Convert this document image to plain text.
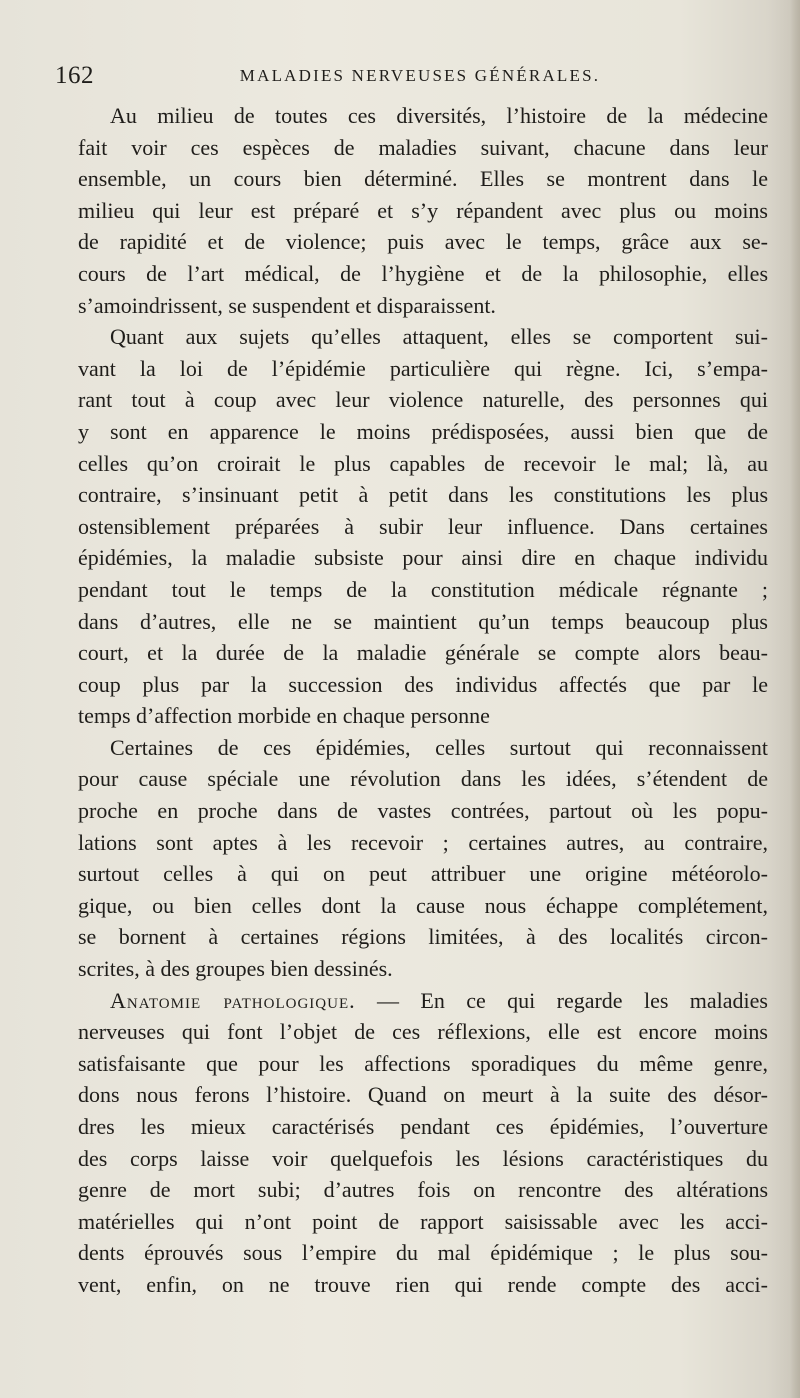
162	MALADIES NERVEUSES GÉNÉRALES.
Au milieu de toutes ces diversités, l’histoire de la médecine
fait voir ces espèces de maladies suivant, chacune dans leur
ensemble, un cours bien déterminé. Elles se montrent dans le
milieu qui leur est préparé et s’y répandent avec plus ou moins
de rapidité et de violence; puis avec le temps, grâce aux se-
cours de l’art médical, de l’hygiène et de la philosophie, elles
s’amoindrissent, se suspendent et disparaissent.
Quant aux sujets qu’elles attaquent, elles se comportent sui-
vant la loi de l’épidémie particulière qui règne. Ici, s’empa-
rant tout à coup avec leur violence naturelle, des personnes qui
y sont en apparence le moins prédisposées, aussi bien que de
celles qu’on croirait le plus capables de recevoir le mal; là, au
contraire, s’insinuant petit à petit dans les constitutions les plus
ostensiblement préparées à subir leur influence. Dans certaines
épidémies, la maladie subsiste pour ainsi dire en chaque individu
pendant tout le temps de la constitution médicale régnante ;
dans d’autres, elle ne se maintient qu’un temps beaucoup plus
court, et la durée de la maladie générale se compte alors beau-
coup plus par la succession des individus affectés que par le
temps d’affection morbide en chaque personne
Certaines de ces épidémies, celles surtout qui reconnaissent
pour cause spéciale une révolution dans les idées, s’étendent de
proche en proche dans de vastes contrées, partout où les popu-
lations sont aptes à les recevoir ; certaines autres, au contraire,
surtout celles à qui on peut attribuer une origine météorolo-
gique, ou bien celles dont la cause nous échappe complétement,
se bornent à certaines régions limitées, à des localités circon-
scrites, à des groupes bien dessinés.
Anatomie pathologique. — En ce qui regarde les maladies
nerveuses qui font l’objet de ces réflexions, elle est encore moins
satisfaisante que pour les affections sporadiques du même genre,
dons nous ferons l’histoire. Quand on meurt à la suite des désor-
dres les mieux caractérisés pendant ces épidémies, l’ouverture
des corps laisse voir quelquefois les lésions caractéristiques du
genre de mort subi; d’autres fois on rencontre des altérations
matérielles qui n’ont point de rapport saisissable avec les acci-
dents éprouvés sous l’empire du mal épidémique ; le plus sou-
vent, enfin, on ne trouve rien qui rende compte des acci-
